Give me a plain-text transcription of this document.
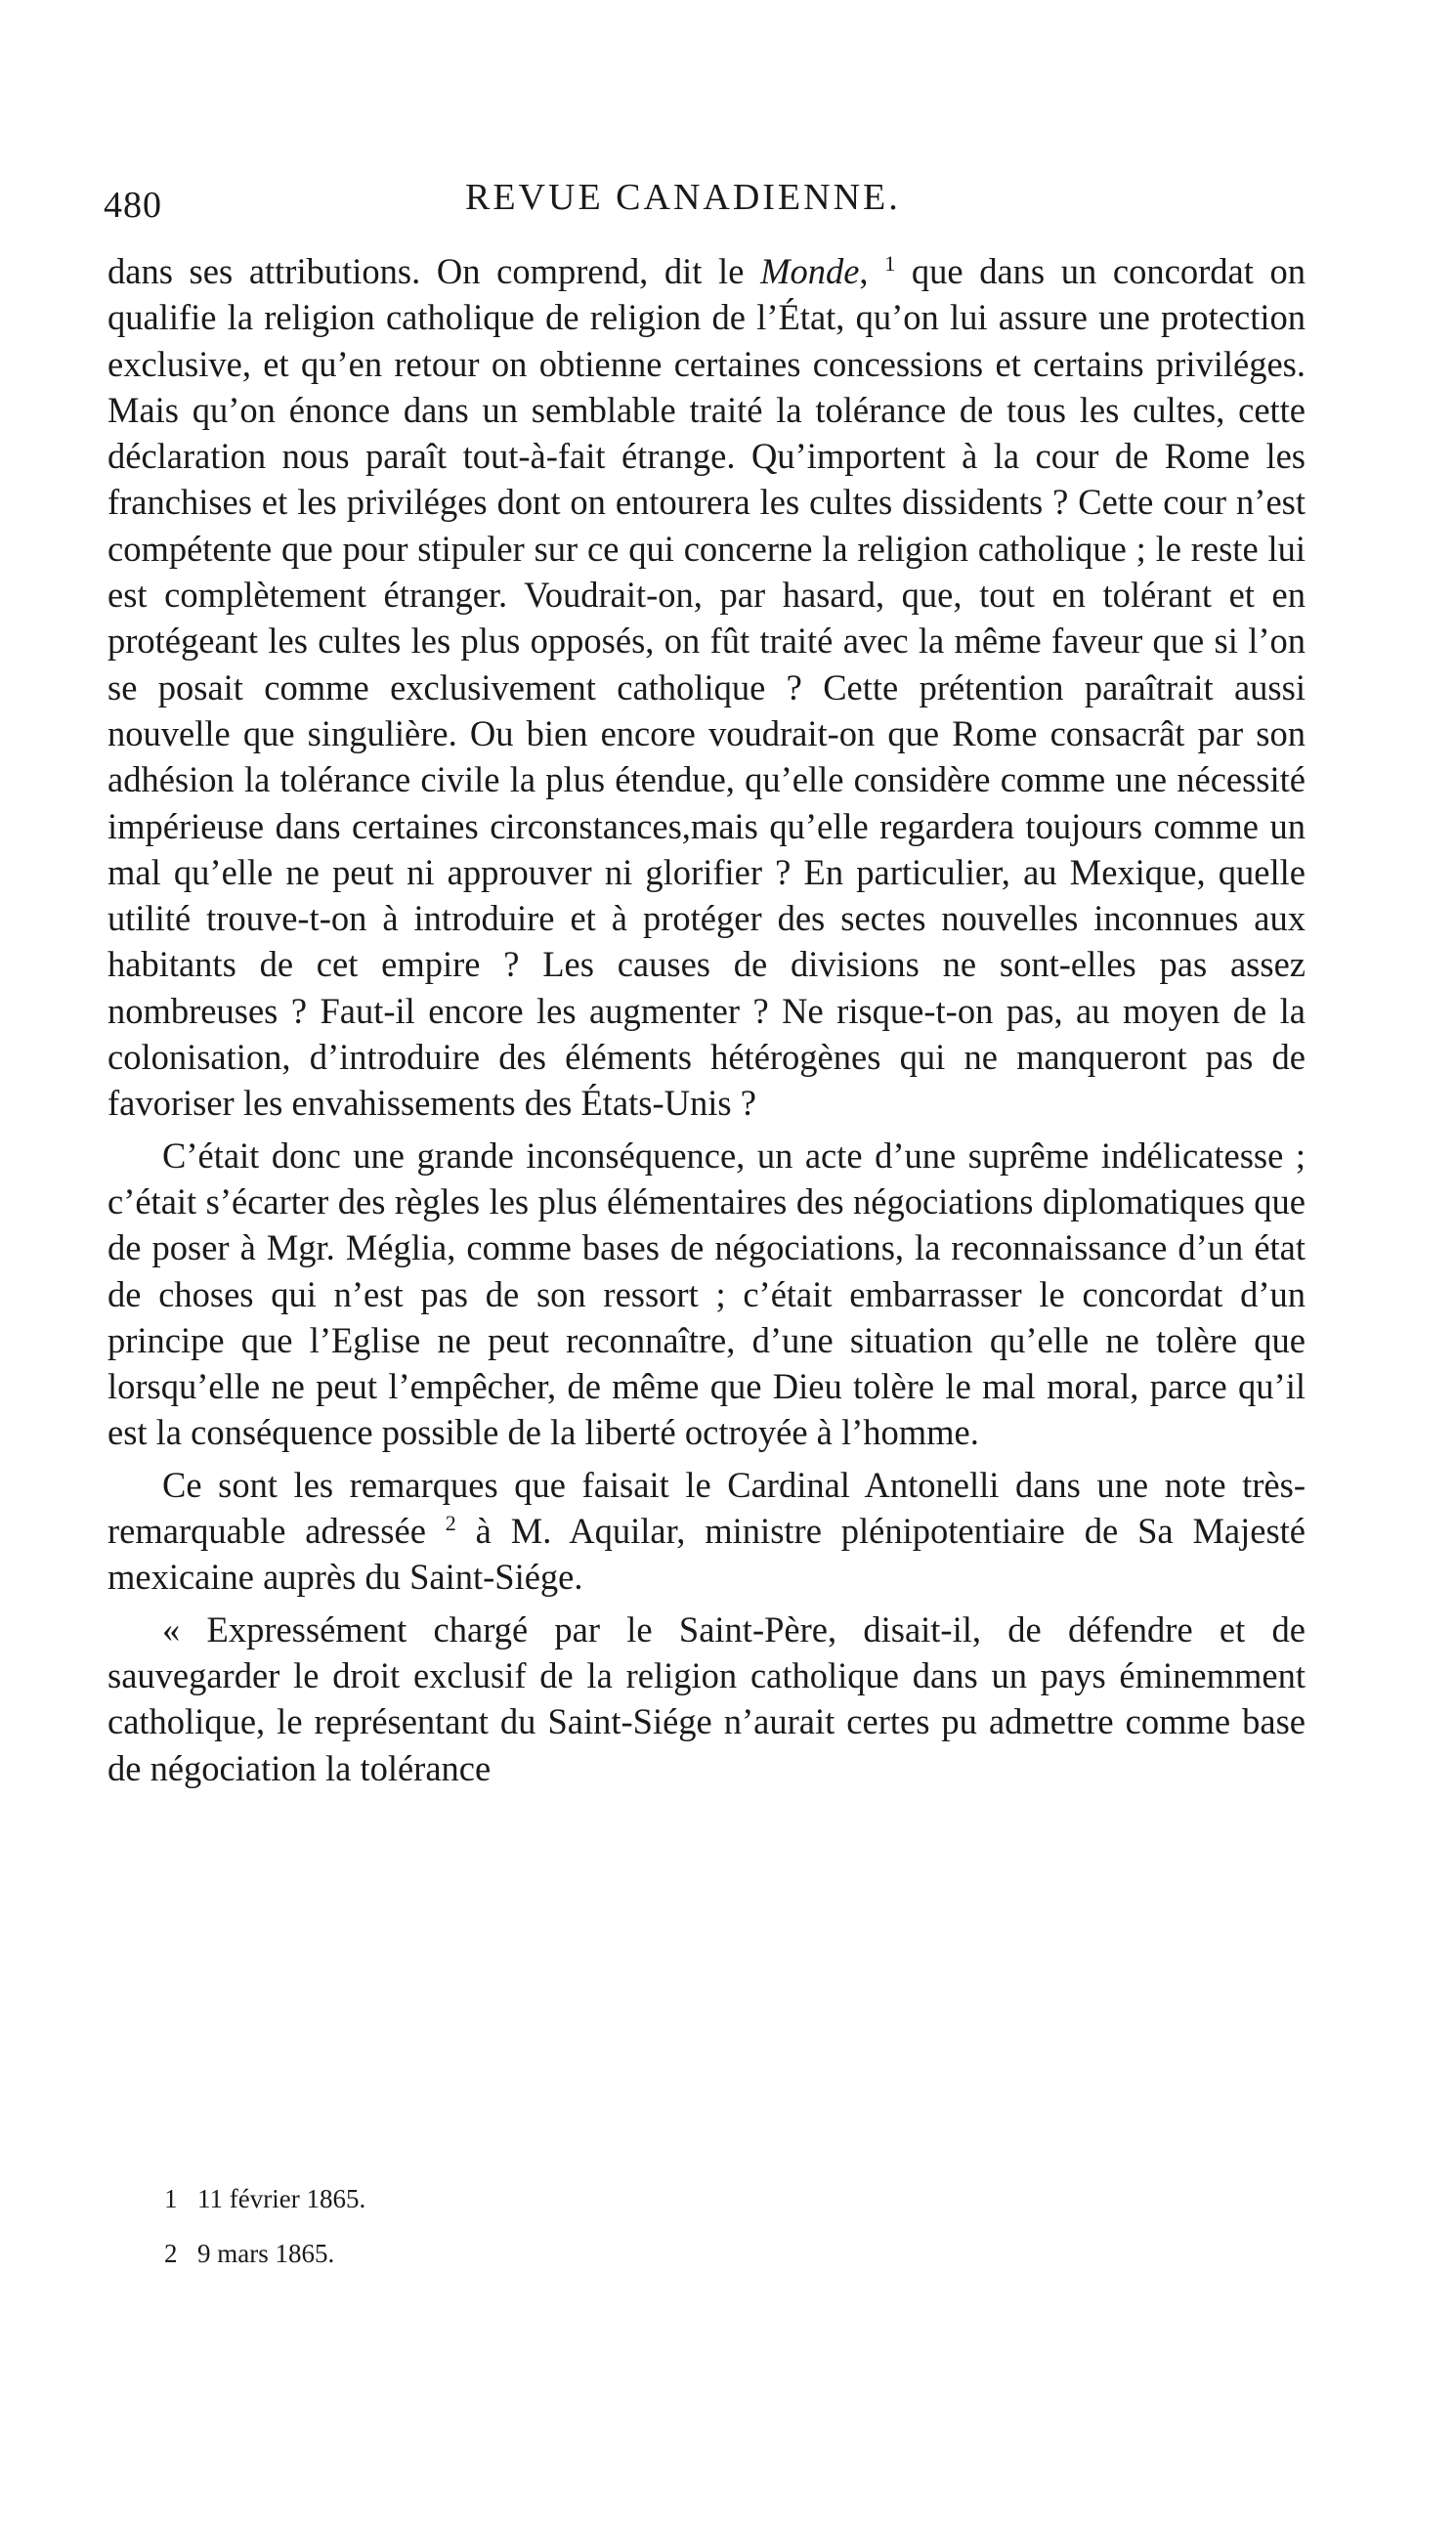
480	REVUE CANADIENNE.

dans ses attributions. On comprend, dit le Monde, $^1$ que dans un concordat on qualifie la religion catholique de religion de l’État, qu’on lui assure une protection exclusive, et qu’en retour on obtienne certaines concessions et certains priviléges. Mais qu’on énonce dans un semblable traité la tolérance de tous les cultes, cette déclaration nous paraît tout-à-fait étrange. Qu’importent à la cour de Rome les franchises et les priviléges dont on entourera les cultes dissidents ? Cette cour n’est compétente que pour stipuler sur ce qui concerne la religion catholique ; le reste lui est complètement étranger. Voudrait-on, par hasard, que, tout en tolérant et en protégeant les cultes les plus opposés, on fût traité avec la même faveur que si l’on se posait comme exclusivement catholique ? Cette prétention paraîtrait aussi nouvelle que singulière. Ou bien encore voudrait-on que Rome consacrât par son adhésion la tolérance civile la plus étendue, qu’elle considère comme une nécessité impérieuse dans certaines circonstances,mais qu’elle regardera toujours comme un mal qu’elle ne peut ni approuver ni glorifier ? En particulier, au Mexique, quelle utilité trouve-t-on à introduire et à protéger des sectes nouvelles inconnues aux habitants de cet empire ? Les causes de divisions ne sont-elles pas assez nombreuses ? Faut-il encore les augmenter ? Ne risque-t-on pas, au moyen de la colonisation, d’introduire des éléments hétérogènes qui ne manqueront pas de favoriser les envahissements des États-Unis ?

C’était donc une grande inconséquence, un acte d’une suprême indélicatesse ; c’était s’écarter des règles les plus élémentaires des négociations diplomatiques que de poser à Mgr. Méglia, comme bases de négociations, la reconnaissance d’un état de choses qui n’est pas de son ressort ; c’était embarrasser le concordat d’un principe que l’Eglise ne peut reconnaître, d’une situation qu’elle ne tolère que lorsqu’elle ne peut l’empêcher, de même que Dieu tolère le mal moral, parce qu’il est la conséquence possible de la liberté octroyée à l’homme.

Ce sont les remarques que faisait le Cardinal Antonelli dans une note très-remarquable adressée $^2$ à M. Aquilar, ministre plénipotentiaire de Sa Majesté mexicaine auprès du Saint-Siége.

« Expressément chargé par le Saint-Père, disait-il, de défendre et de sauvegarder le droit exclusif de la religion catholique dans un pays éminemment catholique, le représentant du Saint-Siége n’aurait certes pu admettre comme base de négociation la tolérance

1 11 février 1865.
2 9 mars 1865.
